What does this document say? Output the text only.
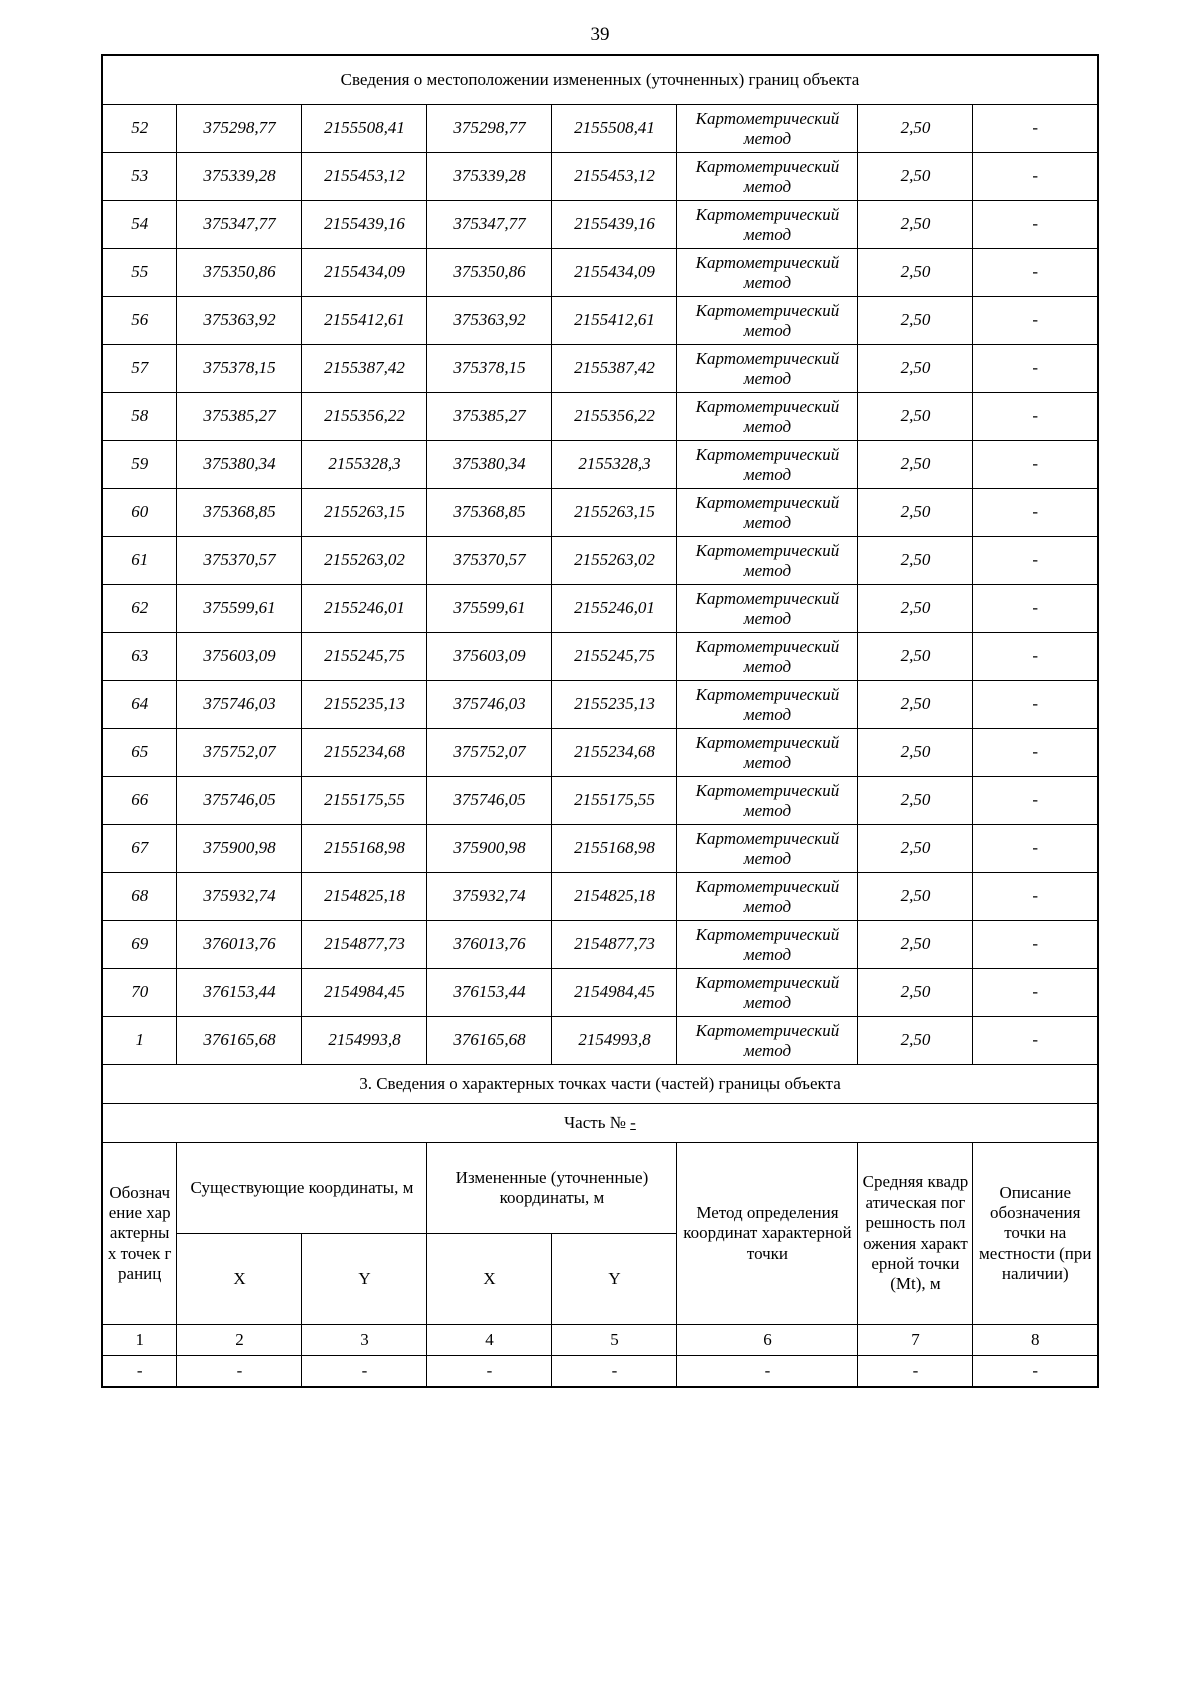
39
Сведения о местоположении измененных (уточненных) границ объекта							
52	375298,77	2155508,41	375298,77	2155508,41	Картометрический метод	2,50	-
53	375339,28	2155453,12	375339,28	2155453,12	Картометрический метод	2,50	-
54	375347,77	2155439,16	375347,77	2155439,16	Картометрический метод	2,50	-
55	375350,86	2155434,09	375350,86	2155434,09	Картометрический метод	2,50	-
56	375363,92	2155412,61	375363,92	2155412,61	Картометрический метод	2,50	-
57	375378,15	2155387,42	375378,15	2155387,42	Картометрический метод	2,50	-
58	375385,27	2155356,22	375385,27	2155356,22	Картометрический метод	2,50	-
59	375380,34	2155328,3	375380,34	2155328,3	Картометрический метод	2,50	-
60	375368,85	2155263,15	375368,85	2155263,15	Картометрический метод	2,50	-
61	375370,57	2155263,02	375370,57	2155263,02	Картометрический метод	2,50	-
62	375599,61	2155246,01	375599,61	2155246,01	Картометрический метод	2,50	-
63	375603,09	2155245,75	375603,09	2155245,75	Картометрический метод	2,50	-
64	375746,03	2155235,13	375746,03	2155235,13	Картометрический метод	2,50	-
65	375752,07	2155234,68	375752,07	2155234,68	Картометрический метод	2,50	-
66	375746,05	2155175,55	375746,05	2155175,55	Картометрический метод	2,50	-
67	375900,98	2155168,98	375900,98	2155168,98	Картометрический метод	2,50	-
68	375932,74	2154825,18	375932,74	2154825,18	Картометрический метод	2,50	-
69	376013,76	2154877,73	376013,76	2154877,73	Картометрический метод	2,50	-
70	376153,44	2154984,45	376153,44	2154984,45	Картометрический метод	2,50	-
1	376165,68	2154993,8	376165,68	2154993,8	Картометрический метод	2,50	-
3. Сведения о характерных точках части (частей) границы объекта							
Часть № -							
Обозначение характерных точек границ	Существующие координаты, м		Измененные (уточненные) координаты, м		Метод определения координат характерной точки	Средняя квадратическая погрешность положения характерной точки (Mt), м	Описание обозначения точки на местности (при наличии)
	X	Y	X	Y			
1	2	3	4	5	6	7	8
-	-	-	-	-	-	-	-
